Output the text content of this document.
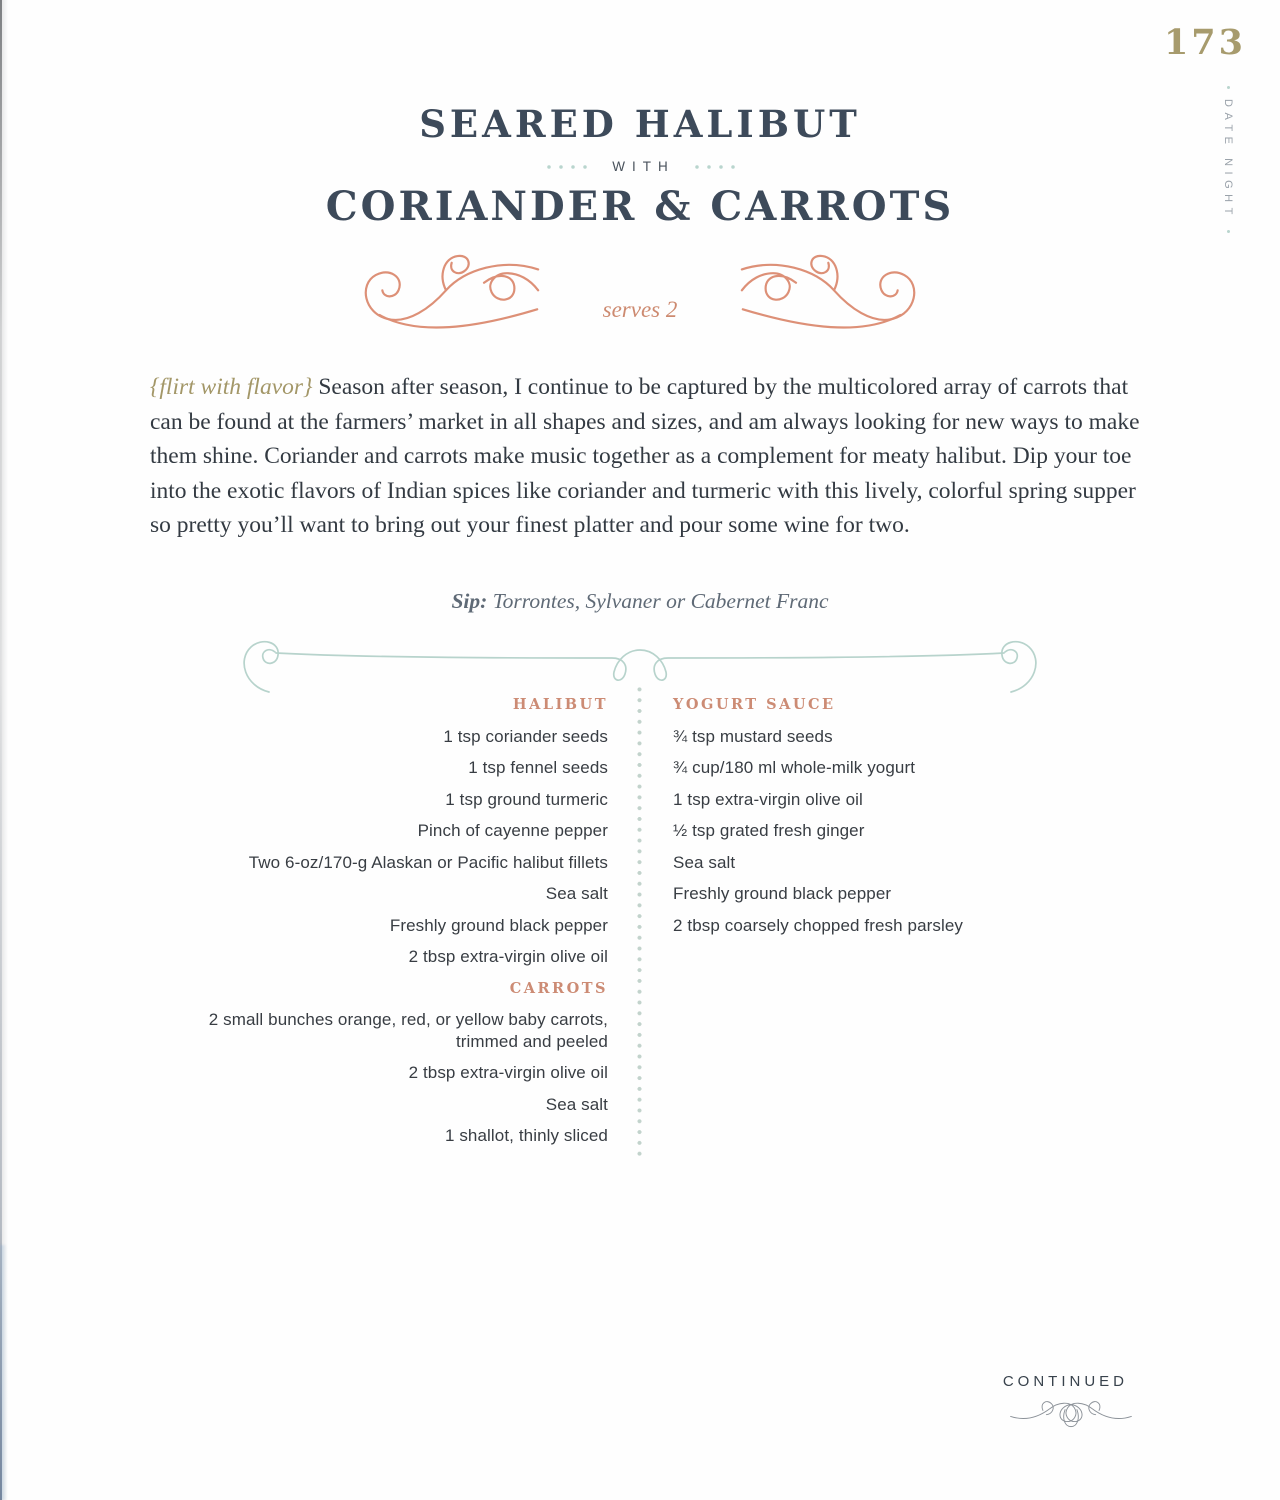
173
DATE NIGHT
SEARED HALIBUT
WITH
CORIANDER & CARROTS
serves 2

{flirt with flavor} Season after season, I continue to be captured by the multicolored array of carrots that can be found at the farmers’ market in all shapes and sizes, and am always looking for new ways to make them shine. Coriander and carrots make music together as a complement for meaty halibut. Dip your toe into the exotic flavors of Indian spices like coriander and turmeric with this lively, colorful spring supper so pretty you’ll want to bring out your finest platter and pour some wine for two.

Sip: Torrontes, Sylvaner or Cabernet Franc
HALIBUT
1 tsp coriander seeds
1 tsp fennel seeds
1 tsp ground turmeric
Pinch of cayenne pepper
Two 6-oz/170-g Alaskan or Pacific halibut fillets
Sea salt
Freshly ground black pepper
2 tbsp extra-virgin olive oil
CARROTS
2 small bunches orange, red, or yellow baby carrots, trimmed and peeled
2 tbsp extra-virgin olive oil
Sea salt
1 shallot, thinly sliced
YOGURT SAUCE
¾ tsp mustard seeds
¾ cup/180 ml whole-milk yogurt
1 tsp extra-virgin olive oil
½ tsp grated fresh ginger
Sea salt
Freshly ground black pepper
2 tbsp coarsely chopped fresh parsley
CONTINUED
